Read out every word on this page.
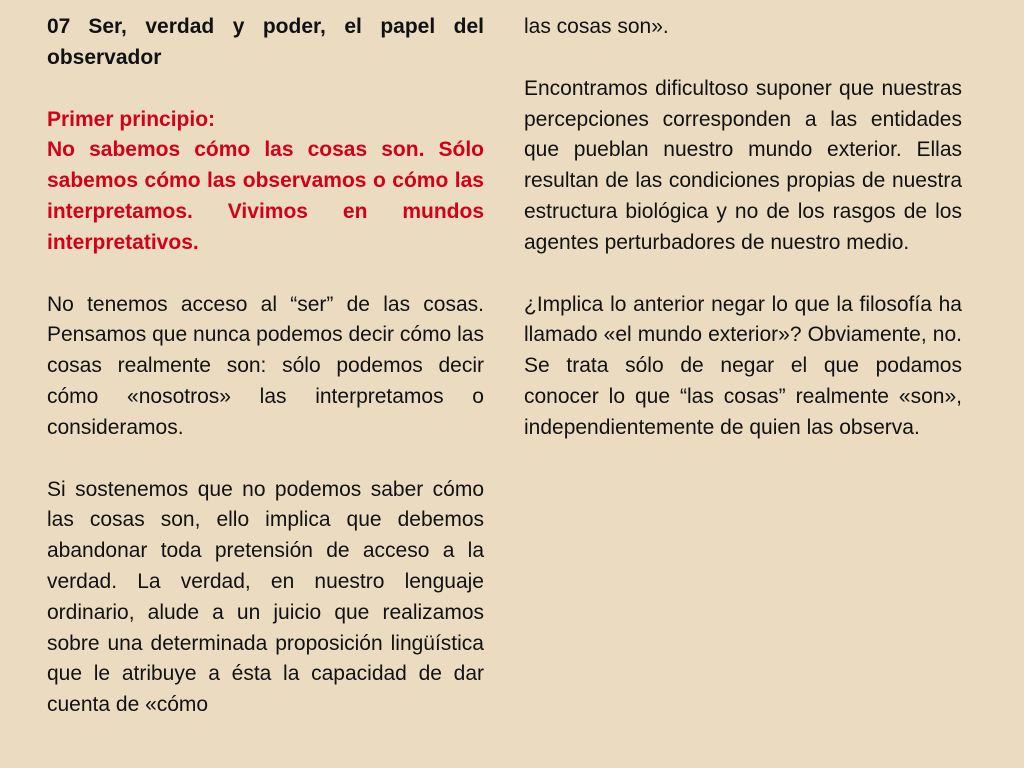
07 Ser, verdad y poder, el papel del observador

Primer principio:

No sabemos cómo las cosas son. Sólo sabemos cómo las observamos o cómo las interpretamos. Vivimos en mundos interpretativos.

No tenemos acceso al “ser” de las cosas. Pensamos que nunca podemos decir cómo las cosas realmente son: sólo podemos decir cómo «nosotros» las interpretamos o consideramos.

Si sostenemos que no podemos saber cómo las cosas son, ello implica que debemos abandonar toda pretensión de acceso a la verdad. La verdad, en nuestro lenguaje ordinario, alude a un juicio que realizamos sobre una determinada proposición lingüística que le atribuye a ésta la capacidad de dar cuenta de «cómo

las cosas son».

Encontramos dificultoso suponer que nuestras percepciones corresponden a las entidades que pueblan nuestro mundo exterior. Ellas resultan de las condiciones propias de nuestra estructura biológica y no de los rasgos de los agentes perturbadores de nuestro medio.

¿Implica lo anterior negar lo que la filosofía ha llamado «el mundo exterior»? Obviamente, no. Se trata sólo de negar el que podamos conocer lo que “las cosas” realmente «son», independientemente de quien las observa.
